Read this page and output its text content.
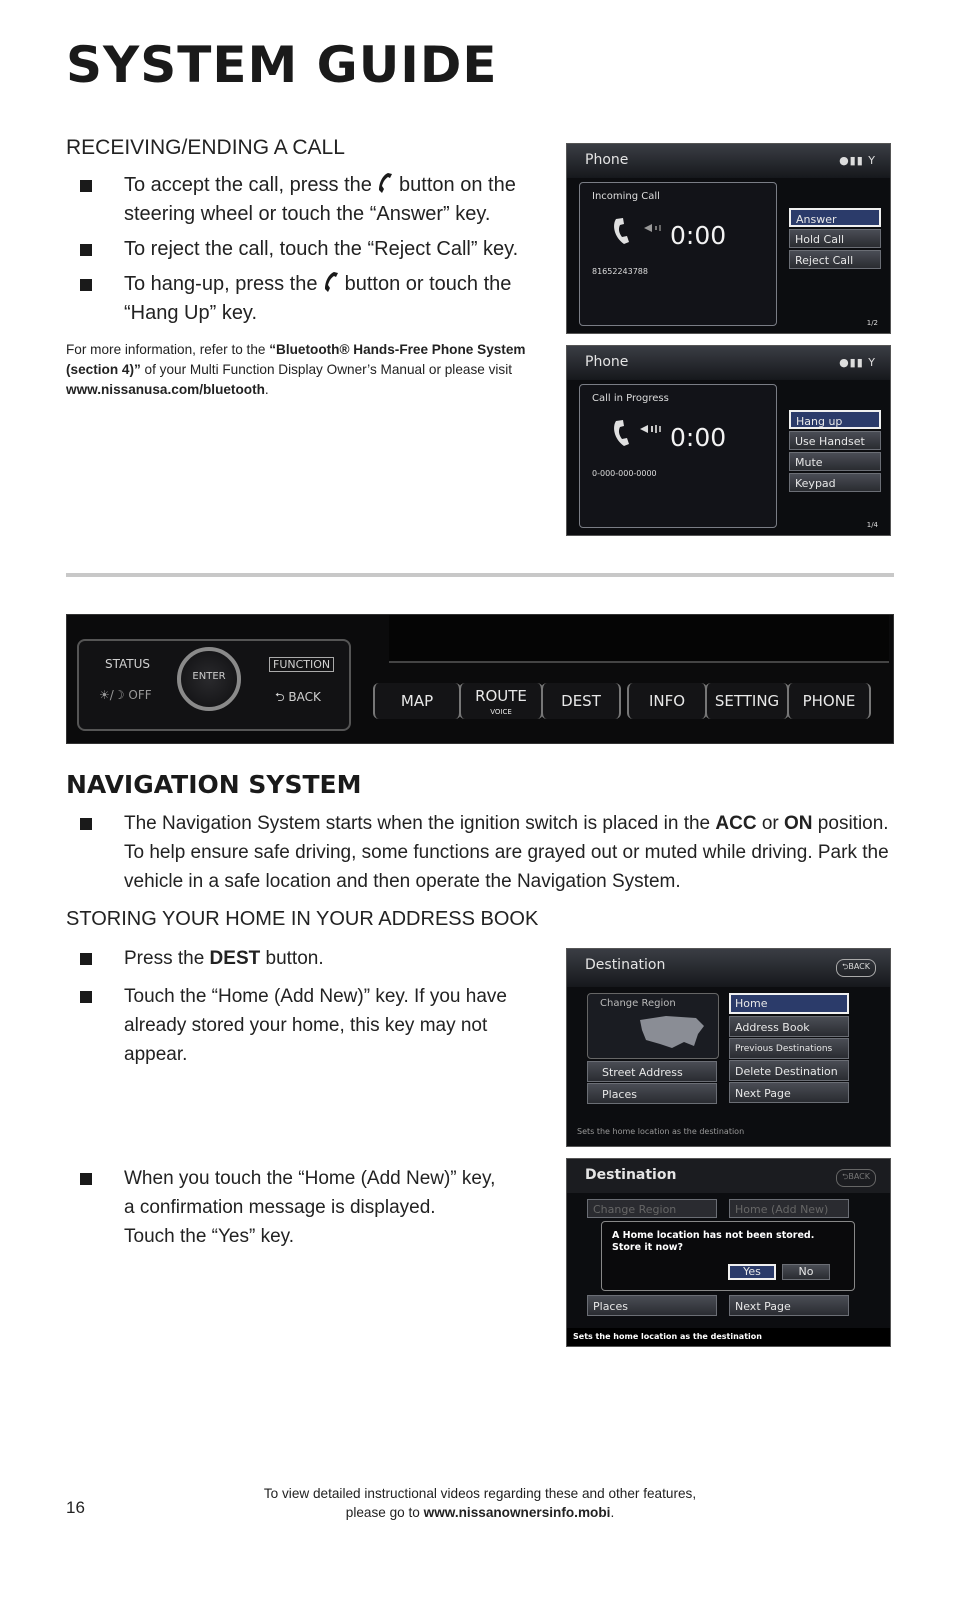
SYSTEM GUIDE
RECEIVING/ENDING A CALL
To accept the call, press the button on the steering wheel or touch the “Answer” key.
To reject the call, touch the “Reject Call” key.
To hang-up, press the button or touch the “Hang Up” key.
For more information, refer to the “Bluetooth® Hands-Free Phone System (section 4)” of your Multi Function Display Owner’s Manual or please visit www.nissanusa.com/bluetooth.
Phone	●▮▮ Y
Incoming Call
0:00
81652243788
Answer
Hold Call
Reject Call
1/2
Phone	●▮▮ Y
Call in Progress
0:00
0-000-000-0000
Hang up
Use Handset
Mute
Keypad
1/4
STATUS
☀/☽ OFF
ENTER
FUNCTION
⮌ BACK	MAP	ROUTE
VOICE
DEST	INFO	SETTING	PHONE
NAVIGATION SYSTEM
The Navigation System starts when the ignition switch is placed in the ACC or ON position. To help ensure safe driving, some functions are grayed out or muted while driving. Park the vehicle in a safe location and then operate the Navigation System.
STORING YOUR HOME IN YOUR ADDRESS BOOK
Press the DEST button.
Touch the “Home (Add New)” key. If you have already stored your home, this key may not appear.
When you touch the “Home (Add New)” key,
a confirmation message is displayed.
Touch the “Yes” key.
Destination	⮌BACK
Change Region
Street Address
Places
Home
Address Book
Previous Destinations
Delete Destination
Next Page
Sets the home location as the destination
Destination	⮌BACK
Change Region	Home (Add New)
A Home location has not been stored.
Store it now?
Yes	No
Places	Next Page
Sets the home location as the destination
16
To view detailed instructional videos regarding these and other features,
please go to www.nissanownersinfo.mobi.
